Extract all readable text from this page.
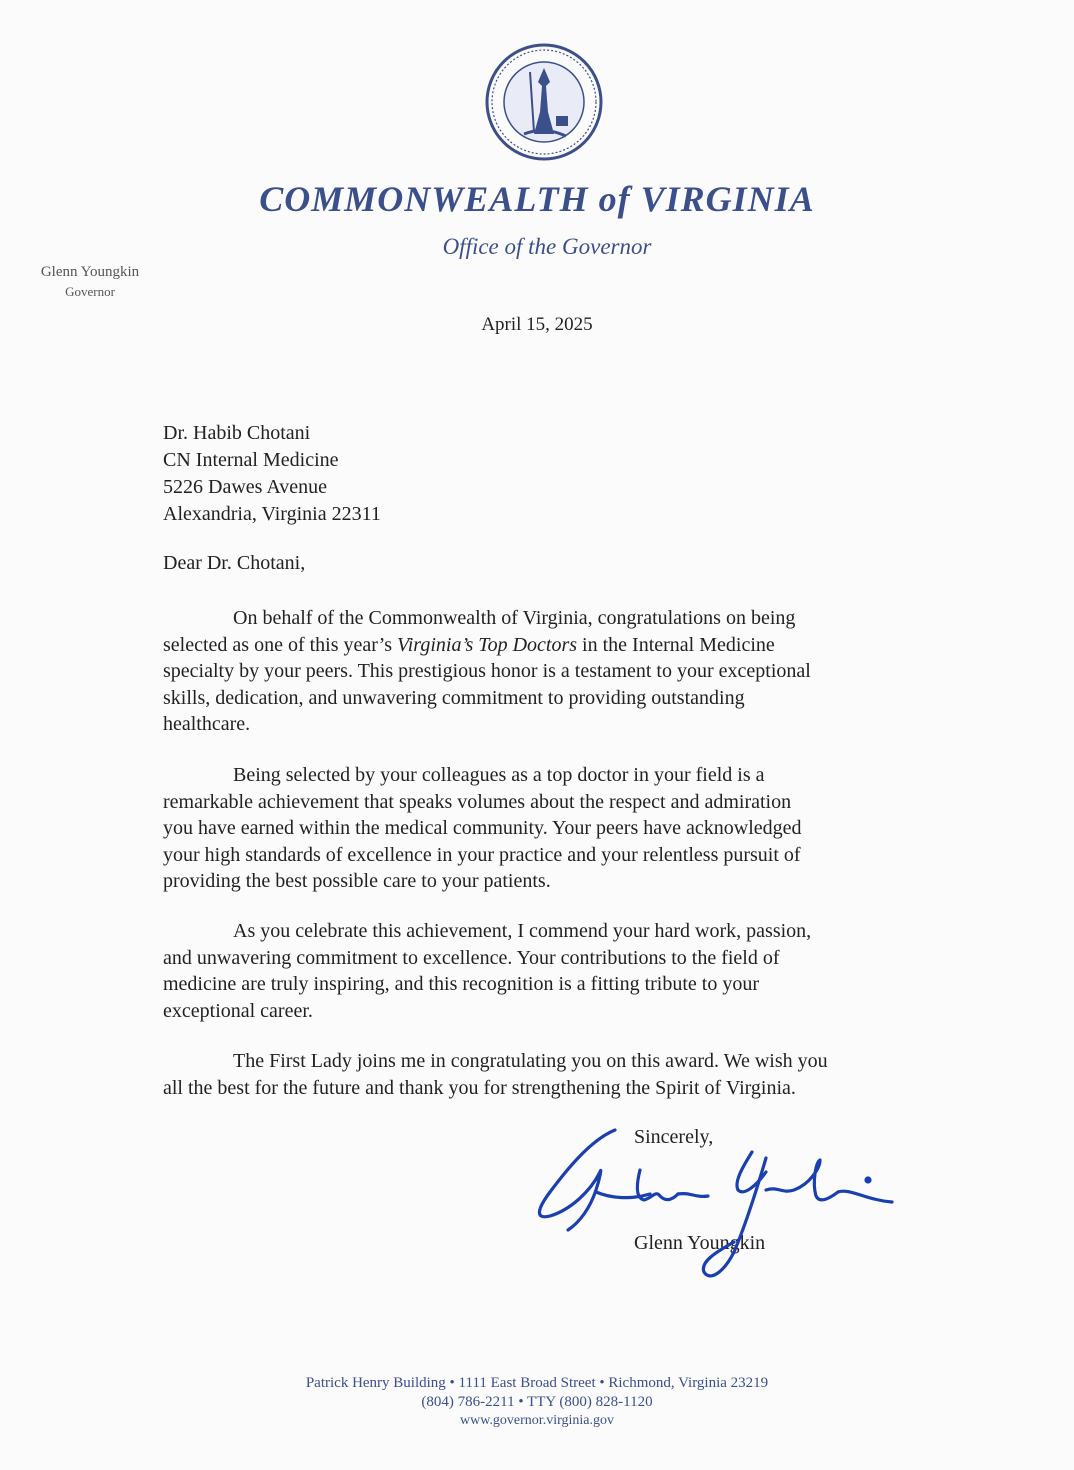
COMMONWEALTH of VIRGINIA
Office of the Governor
Glenn Youngkin
Governor
April 15, 2025
Dr. Habib Chotani
CN Internal Medicine
5226 Dawes Avenue
Alexandria, Virginia 22311
Dear Dr. Chotani,
On behalf of the Commonwealth of Virginia, congratulations on being
selected as one of this year’s Virginia’s Top Doctors in the Internal Medicine
specialty by your peers. This prestigious honor is a testament to your exceptional
skills, dedication, and unwavering commitment to providing outstanding
healthcare.
Being selected by your colleagues as a top doctor in your field is a
remarkable achievement that speaks volumes about the respect and admiration
you have earned within the medical community. Your peers have acknowledged
your high standards of excellence in your practice and your relentless pursuit of
providing the best possible care to your patients.
As you celebrate this achievement, I commend your hard work, passion,
and unwavering commitment to excellence. Your contributions to the field of
medicine are truly inspiring, and this recognition is a fitting tribute to your
exceptional career.
The First Lady joins me in congratulating you on this award. We wish you
all the best for the future and thank you for strengthening the Spirit of Virginia.
Sincerely,
Glenn Youngkin
Patrick Henry Building • 1111 East Broad Street • Richmond, Virginia 23219
(804) 786-2211 • TTY (800) 828-1120
www.governor.virginia.gov
